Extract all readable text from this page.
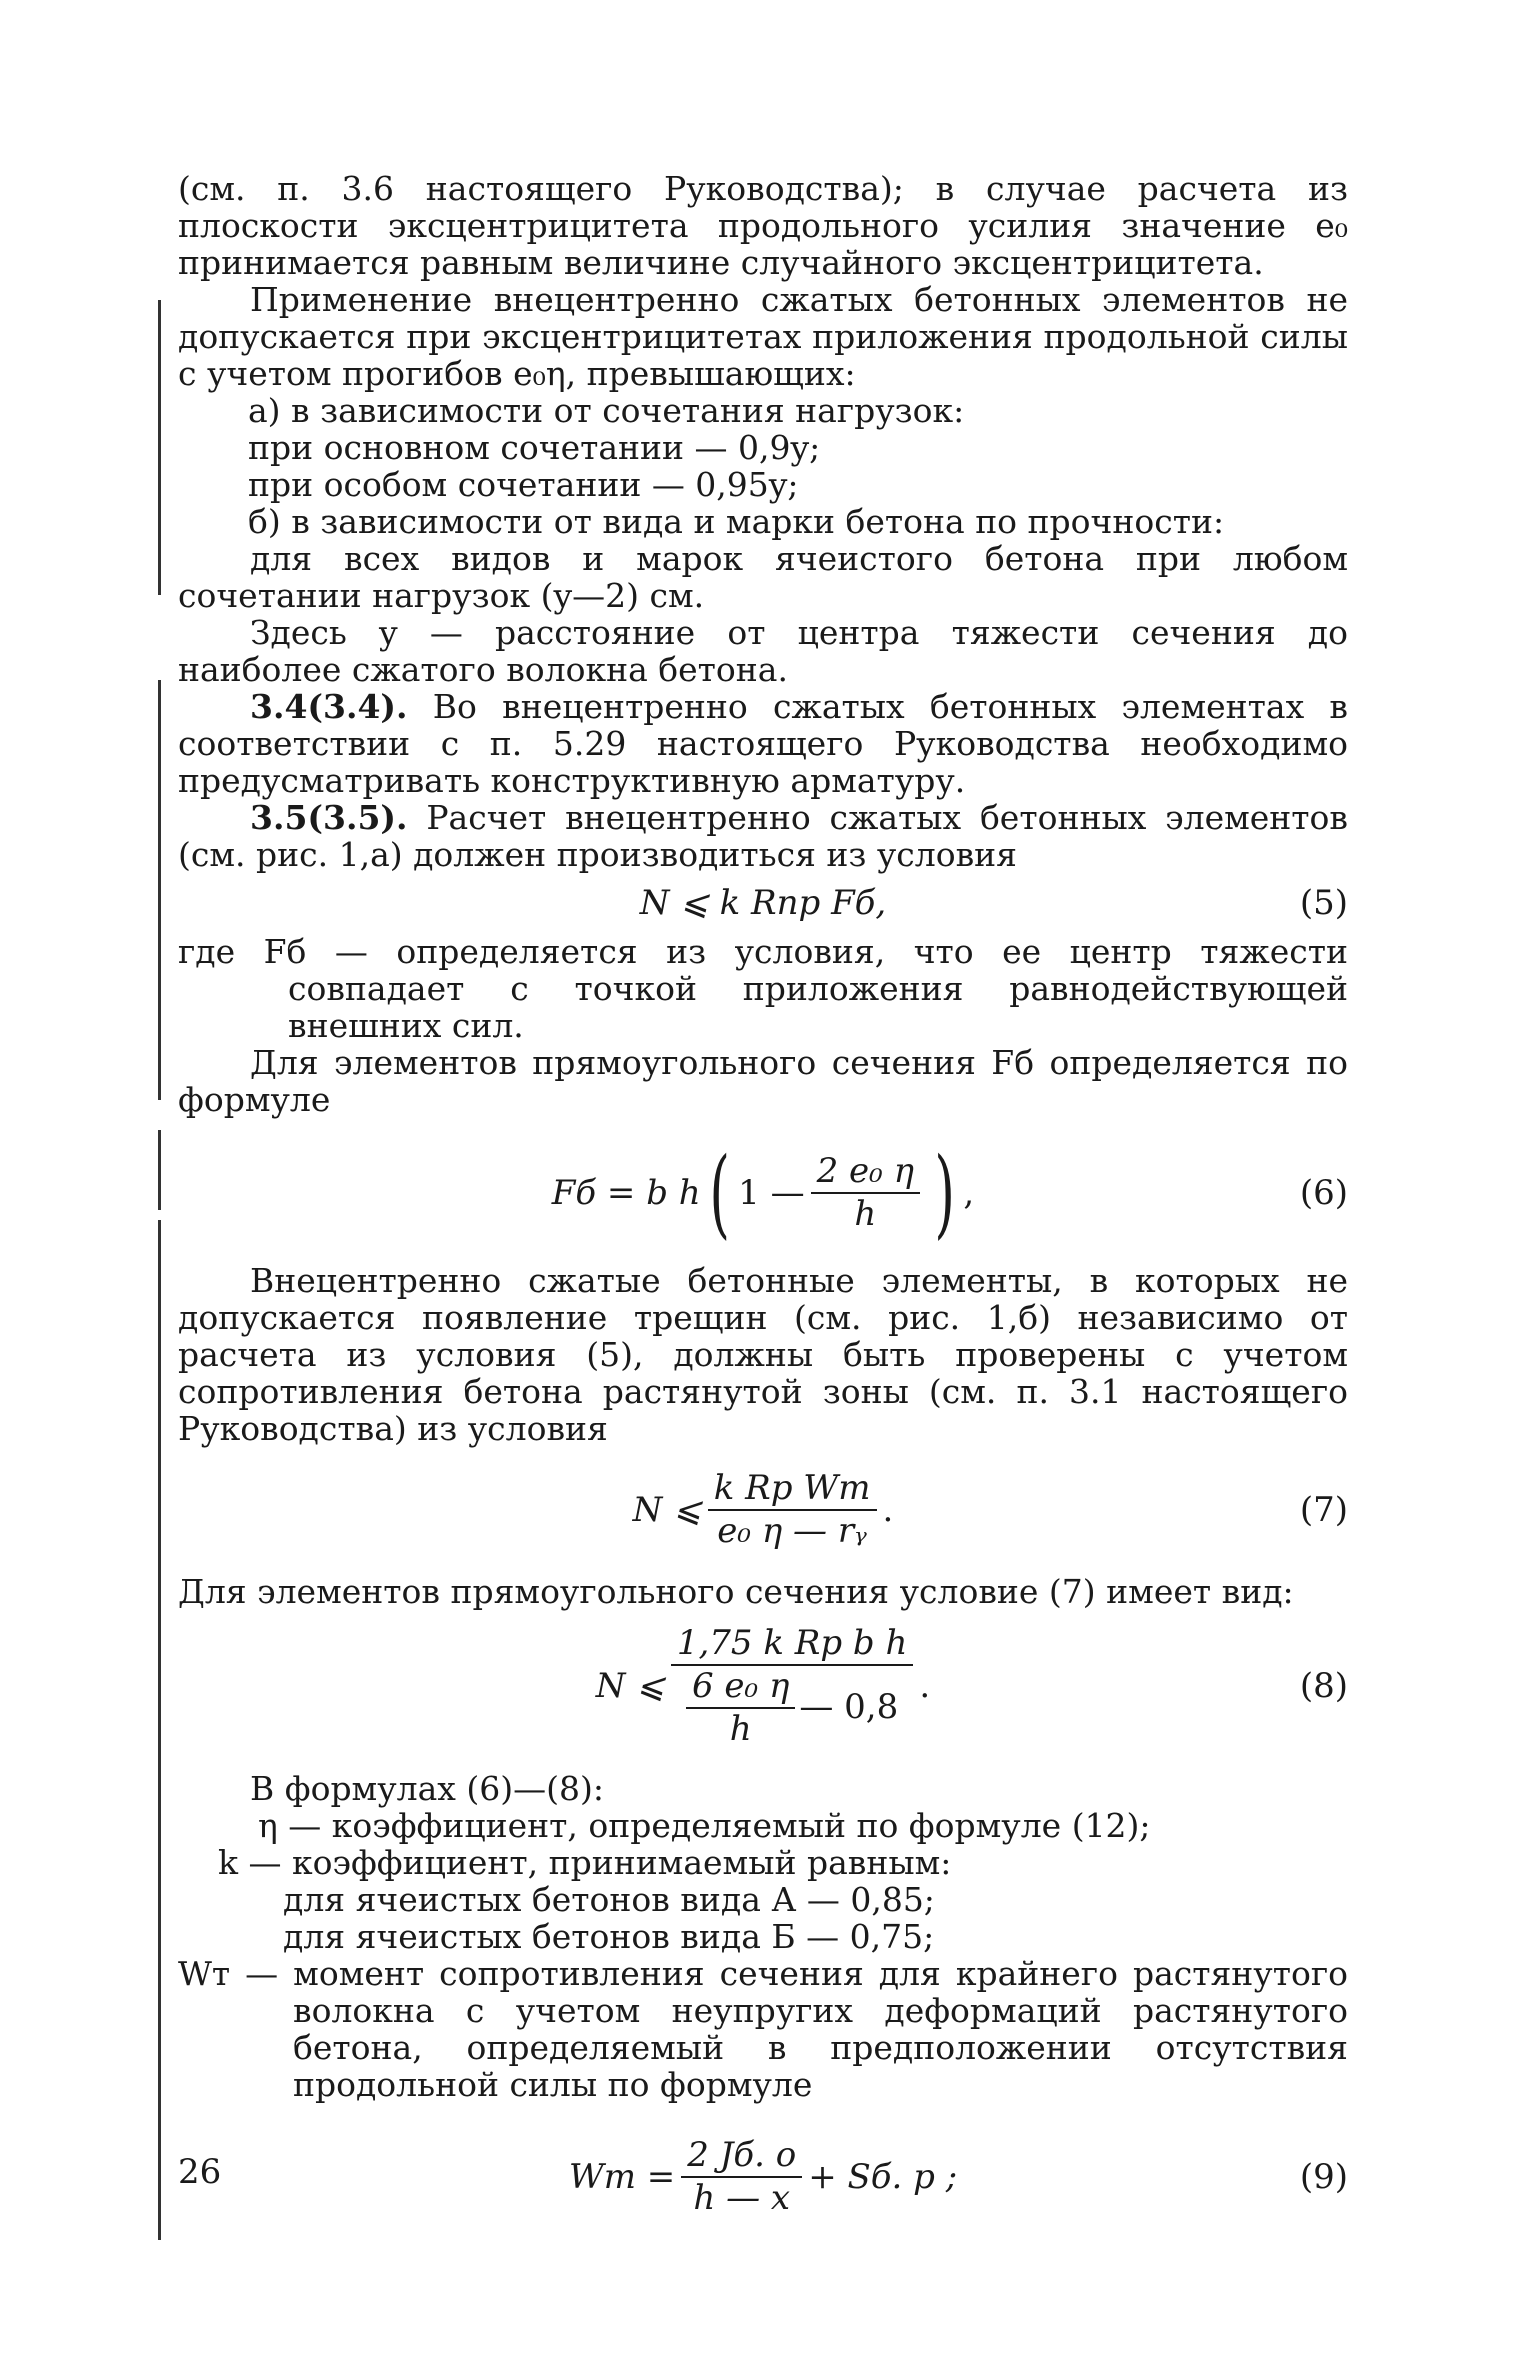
(см. п. 3.6 настоящего Руководства); в случае расчета из плоскости эксцентрицитета продольного усилия значение e₀ принимается равным величине случайного эксцентрицитета.

Применение внецентренно сжатых бетонных элементов не допускается при эксцентрицитетах приложения продольной силы с учетом прогибов e₀η, превышающих:

а) в зависимости от сочетания нагрузок:

при основном сочетании — 0,9y;

при особом сочетании — 0,95y;

б) в зависимости от вида и марки бетона по прочности:

для всех видов и марок ячеистого бетона при любом сочетании нагрузок (y—2) см.

Здесь y — расстояние от центра тяжести сечения до наиболее сжатого волокна бетона.

3.4(3.4). Во внецентренно сжатых бетонных элементах в соответствии с п. 5.29 настоящего Руководства необходимо предусматривать конструктивную арматуру.

3.5(3.5). Расчет внецентренно сжатых бетонных элементов (см. рис. 1,а) должен производиться из условия

N ⩽ k Rпр Fб,	(5)

где Fб — определяется из условия, что ее центр тяжести совпадает с точкой приложения равнодействующей внешних сил.

Для элементов прямоугольного сечения Fб определяется по формуле

Fб = b h ( 1 — $\frac{\text{2 e₀ η}}{h}$ ) ,	(6)

Внецентренно сжатые бетонные элементы, в которых не допускается появление трещин (см. рис. 1,б) независимо от расчета из условия (5), должны быть проверены с учетом сопротивления бетона растянутой зоны (см. п. 3.1 настоящего Руководства) из условия

N ⩽ $\frac{\text{k Rр Wт}}{\text{e₀ η — rᵧ}}$ .	(7)

Для элементов прямоугольного сечения условие (7) имеет вид:

N ⩽ $\frac{\text{1,75 k Rр b h}}{\frac{\text{6 e₀ η}}{h} — 0,8}$ .	(8)

В формулах (6)—(8):

η — коэффициент, определяемый по формуле (12);

k — коэффициент, принимаемый равным:

для ячеистых бетонов вида А — 0,85;

для ячеистых бетонов вида Б — 0,75;

Wт — момент сопротивления сечения для крайнего растянутого волокна с учетом неупругих деформаций растянутого бетона, определяемый в предположении отсутствия продольной силы по формуле

Wт = $\frac{2 Jб. о}{h — x}$ + Sб. р ;	(9)
26
